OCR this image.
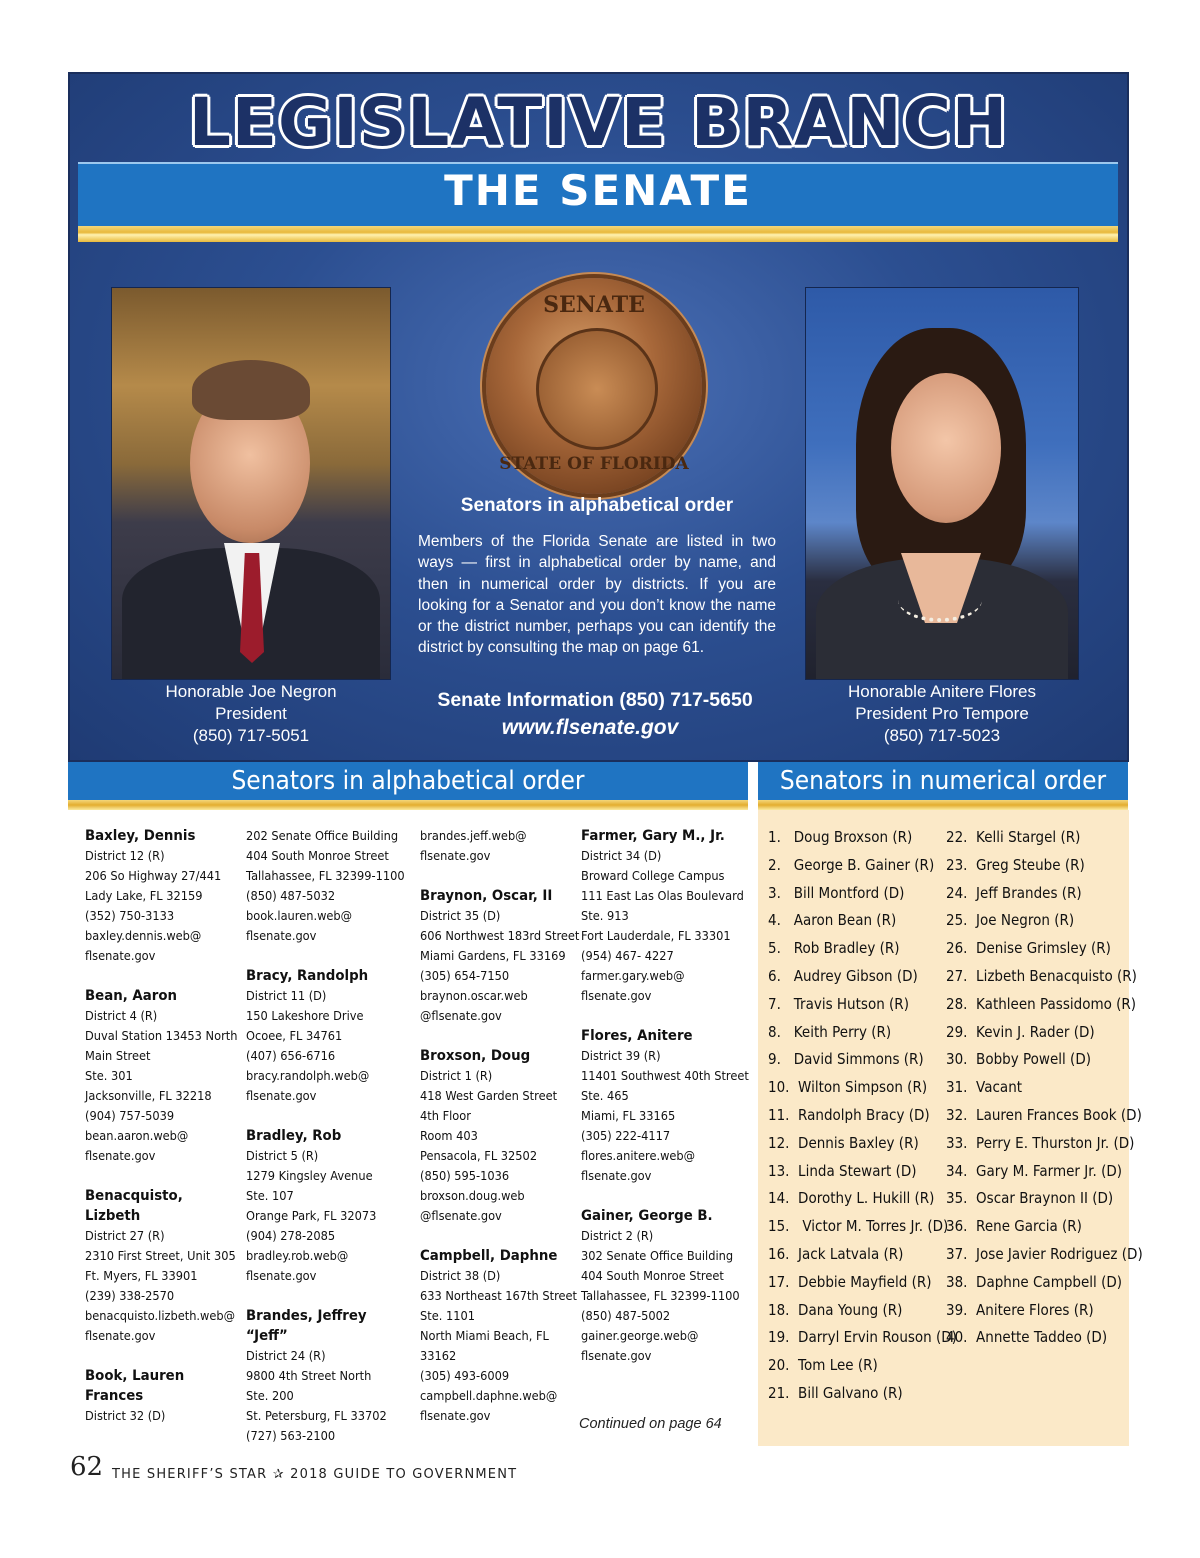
LEGISLATIVE BRANCH
THE SENATE
SENATE
STATE OF FLORIDA
Senators in alphabetical order
Members of the Florida Senate are listed in two ways — first in alphabetical order by name, and then in numerical order by districts. If you are looking for a Senator and you don’t know the name or the district number, perhaps you can identify the district by consulting the map on page 61.
Senate Information (850) 717-5650
www.flsenate.gov
Honorable Joe Negron
President
(850) 717-5051
Honorable Anitere Flores
President Pro Tempore
(850) 717-5023
Senators in alphabetical order	Senators in numerical order
Baxley, Dennis
District 12 (R)
206 So Highway 27/441
Lady Lake, FL 32159
(352) 750-3133
baxley.dennis.web@
flsenate.gov
Bean, Aaron
District 4 (R)
Duval Station 13453 North
Main Street
Ste. 301
Jacksonville, FL 32218
(904) 757-5039
bean.aaron.web@
flsenate.gov
Benacquisto,
Lizbeth
District 27 (R)
2310 First Street, Unit 305
Ft. Myers, FL 33901
(239) 338-2570
benacquisto.lizbeth.web@
flsenate.gov
Book, Lauren
Frances
District 32 (D)
202 Senate Office Building
404 South Monroe Street
Tallahassee, FL 32399-1100
(850) 487-5032
book.lauren.web@
flsenate.gov
Bracy, Randolph
District 11 (D)
150 Lakeshore Drive
Ocoee, FL 34761
(407) 656-6716
bracy.randolph.web@
flsenate.gov
Bradley, Rob
District 5 (R)
1279 Kingsley Avenue
Ste. 107
Orange Park, FL 32073
(904) 278-2085
bradley.rob.web@
flsenate.gov
Brandes, Jeffrey
“Jeff”
District 24 (R)
9800 4th Street North
Ste. 200
St. Petersburg, FL 33702
(727) 563-2100
brandes.jeff.web@
flsenate.gov
Braynon, Oscar, II
District 35 (D)
606 Northwest 183rd Street
Miami Gardens, FL 33169
(305) 654-7150
braynon.oscar.web
@flsenate.gov
Broxson, Doug
District 1 (R)
418 West Garden Street
4th Floor
Room 403
Pensacola, FL 32502
(850) 595-1036
broxson.doug.web
@flsenate.gov
Campbell, Daphne
District 38 (D)
633 Northeast 167th Street
Ste. 1101
North Miami Beach, FL
33162
(305) 493-6009
campbell.daphne.web@
flsenate.gov
Farmer, Gary M., Jr.
District 34 (D)
Broward College Campus
111 East Las Olas Boulevard
Ste. 913
Fort Lauderdale, FL 33301
(954) 467- 4227
farmer.gary.web@
flsenate.gov
Flores, Anitere
District 39 (R)
11401 Southwest 40th Street
Ste. 465
Miami, FL 33165
(305) 222-4117
flores.anitere.web@
flsenate.gov
Gainer, George B.
District 2 (R)
302 Senate Office Building
404 South Monroe Street
Tallahassee, FL 32399-1100
(850) 487-5002
gainer.george.web@
flsenate.gov
Continued on page 64
1.   Doug Broxson (R)
2.   George B. Gainer (R)
3.   Bill Montford (D)
4.   Aaron Bean (R)
5.   Rob Bradley (R)
6.   Audrey Gibson (D)
7.   Travis Hutson (R)
8.   Keith Perry (R)
9.   David Simmons (R)
10.  Wilton Simpson (R)
11.  Randolph Bracy (D)
12.  Dennis Baxley (R)
13.  Linda Stewart (D)
14.  Dorothy L. Hukill (R)
15.   Victor M. Torres Jr. (D)
16.  Jack Latvala (R)
17.  Debbie Mayfield (R)
18.  Dana Young (R)
19.  Darryl Ervin Rouson (D)
20.  Tom Lee (R)
21.  Bill Galvano (R)
22.  Kelli Stargel (R)
23.  Greg Steube (R)
24.  Jeff Brandes (R)
25.  Joe Negron (R)
26.  Denise Grimsley (R)
27.  Lizbeth Benacquisto (R)
28.  Kathleen Passidomo (R)
29.  Kevin J. Rader (D)
30.  Bobby Powell (D)
31.  Vacant
32.  Lauren Frances Book (D)
33.  Perry E. Thurston Jr. (D)
34.  Gary M. Farmer Jr. (D)
35.  Oscar Braynon II (D)
36.  Rene Garcia (R)
37.  Jose Javier Rodriguez (D)
38.  Daphne Campbell (D)
39.  Anitere Flores (R)
40.  Annette Taddeo (D)
62 THE SHERIFF’S STAR ✰ 2018 GUIDE TO GOVERNMENT
